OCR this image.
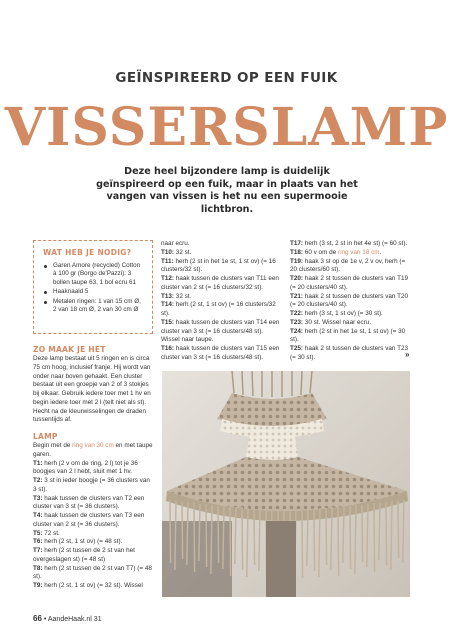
GEÏNSPIREERD OP EEN FUIK
VISSERSLAMP
Deze heel bijzondere lamp is duidelijk geïnspireerd op een fuik, maar in plaats van het vangen van vissen is het nu een supermooie lichtbron.
WAT HEB JE NODIG?
Garen Amore (recycled) Cotton à 100 gr (Borgo de'Pazzi): 3 bollen taupe 63, 1 bol ecru 61
Haaknaald 5
Metalen ringen: 1 van 15 cm Ø, 2 van 18 cm Ø, 2 van 30 cm Ø
ZO MAAK JE HET

Deze lamp bestaat uit 5 ringen en is circa 75 cm hoog, inclusief franje. Hij wordt van onder naar boven gehaakt. Een cluster bestaat uit een groepje van 2 of 3 stokjes bij elkaar. Gebruik iedere toer met 1 hv en begin iedere toer met 2 l (telt niet als st). Hecht na de kleurwisselingen de draden tussentijds af.

LAMP

Begin met de ring van 30 cm en met taupe garen.

T1: herh (2 v om de ring, 2 l) tot je 36 boogjes van 2 l hebt, sluit met 1 hv.

T2: 3 st in ieder boogje (= 36 clusters van 3 st).

T3: haak tussen de clusters van T2 een cluster van 3 st (= 36 clusters).

T4: haak tussen de clusters van T3 een cluster van 2 st (= 36 clusters).

T5: 72 st.

T6: herh (2 st, 1 st ov) (= 48 st).

T7: herh (2 st tussen de 2 st van het overgeslagen st) (= 48 st)

T8: herh (2 st tussen de 2 st van T7) (= 48 st).

T9: herh (2 st, 1 st ov) (= 32 st). Wissel

naar ecru.

T10: 32 st.

T11: herh (2 st in het 1e st, 1 st ov) (= 16 clusters/32 st).

T12: haak tussen de clusters van T11 een cluster van 2 st (= 16 clusters/32 st).

T13: 32 st.

T14: herh (2 st, 1 st ov) (= 16 clusters/32 st).

T15: haak tussen de clusters van T14 een cluster van 3 st (= 16 clusters/48 st). Wissel naar taupe.

T16: haak tussen de clusters van T15 een cluster van 3 st (= 16 clusters/48 st).

T17: herh (3 st, 2 st in het 4e st) (= 60 st).

T18: 60 v om de ring van 18 cm.

T19: haak 3 st op de 1e v, 2 v ov, herh (= 20 clusters/60 st).

T20: haak 2 st tussen de clusters van T19 (= 20 clusters/40 st).

T21: haak 2 st tussen de clusters van T20 (= 20 clusters/40 st).

T22: herh (3 st, 1 st ov) (= 30 st).

T23: 30 st. Wissel naar ecru.

T24: herh (2 st in het 1e st, 1 st ov) (= 30 st).

T25: haak 2 st tussen de clusters van T23 (= 30 st).	»
66 • AandeHaak.nl 31
